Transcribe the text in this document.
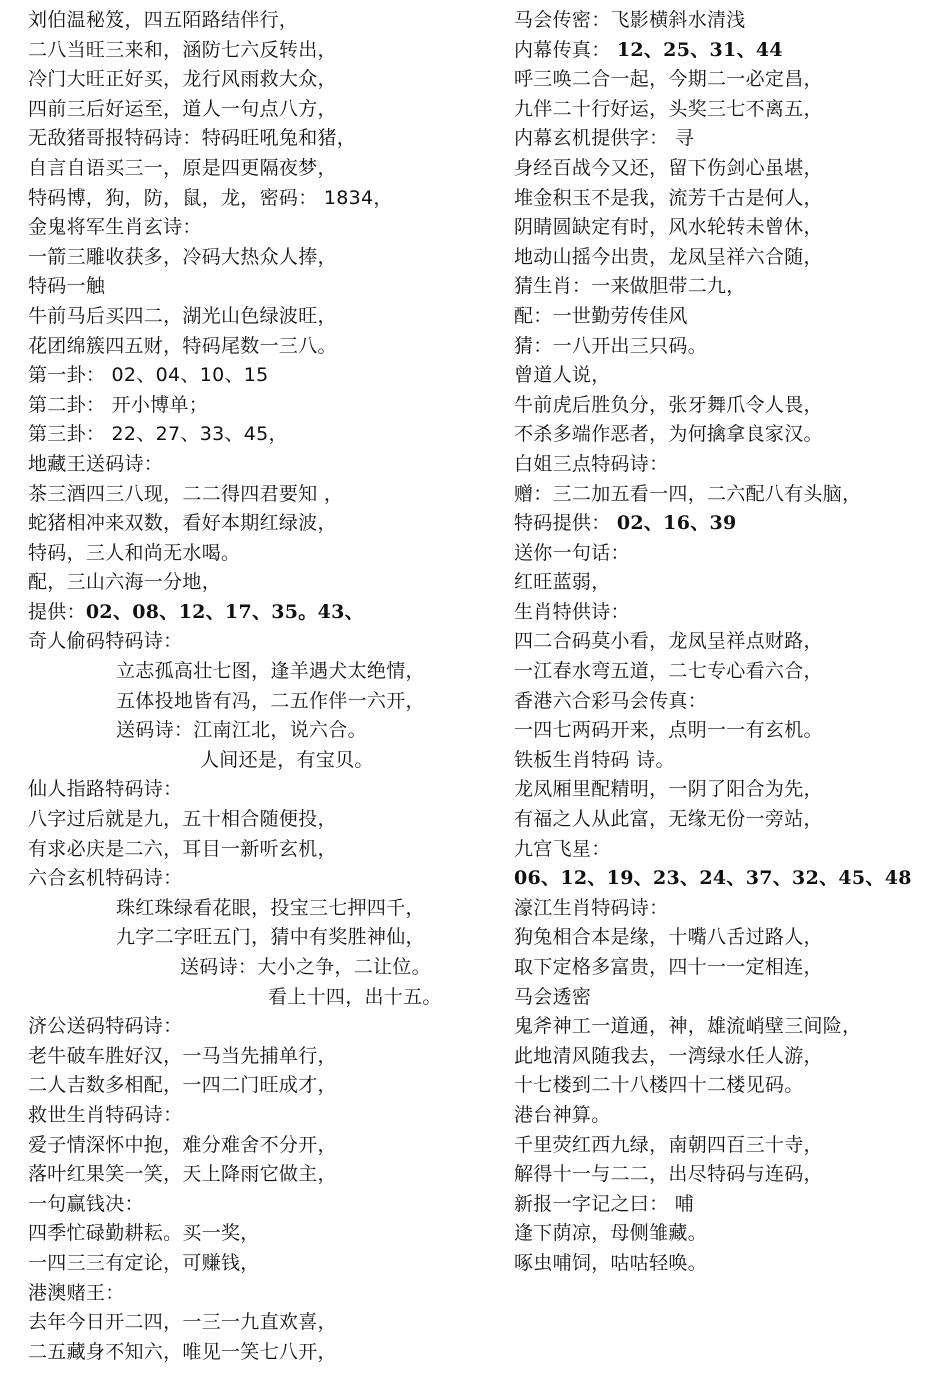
刘伯温秘笈，四五陌路结伴行，
二八当旺三来和，涵防七六反转出，
冷门大旺正好买，龙行风雨救大众，
四前三后好运至，道人一句点八方，
无敌猪哥报特码诗：特码旺吼兔和猪，
自言自语买三一，原是四更隔夜梦，
特码博，狗，防，鼠，龙，密码： 1834，
金鬼将军生肖玄诗：
一箭三雕收获多，冷码大热众人捧，
特码一触
牛前马后买四二，湖光山色绿波旺，
花团绵簇四五财，特码尾数一三八。
第一卦： 02、04、10、15
第二卦： 开小博单；
第三卦： 22、27、33、45，
地藏王送码诗：
茶三酒四三八现，二二得四君要知 ，
蛇猪相冲来双数，看好本期红绿波，
特码，三人和尚无水喝。
配，三山六海一分地，
提供：02、08、12、17、35。43、
奇人偷码特码诗：
立志孤高壮七图，逢羊遇犬太绝情，
五体投地皆有冯，二五作伴一六开，
送码诗：江南江北，说六合。
人间还是，有宝贝。
仙人指路特码诗：
八字过后就是九，五十相合随便投，
有求必庆是二六，耳目一新听玄机，
六合玄机特码诗：
珠红珠绿看花眼，投宝三七押四千，
九字二字旺五门，猜中有奖胜神仙，
送码诗：大小之争，二让位。
看上十四，出十五。
济公送码特码诗：
老牛破车胜好汉，一马当先捕单行，
二人吉数多相配，一四二门旺成才，
救世生肖特码诗：
爱子情深怀中抱，难分难舍不分开，
落叶红果笑一笑，天上降雨它做主，
一句赢钱决：
四季忙碌勤耕耘。买一奖，
一四三三有定论，可赚钱，
港澳赌王：
去年今日开二四，一三一九直欢喜，
二五藏身不知六，唯见一笑七八开，
马会传密：飞影横斜水清浅
内幕传真： 12、25、31、44
呼三唤二合一起，今期二一必定昌，
九伴二十行好运，头奖三七不离五，
内幕玄机提供字： 寻
身经百战今又还，留下伤剑心虽堪，
堆金积玉不是我，流芳千古是何人，
阴睛圆缺定有时，风水轮转未曾休，
地动山摇今出贵，龙凤呈祥六合随，
猜生肖：一来做胆带二九，
配：一世勤劳传佳风
猜：一八开出三只码。
曾道人说，
牛前虎后胜负分，张牙舞爪令人畏，
不杀多端作恶者，为何擒拿良家汉。
白姐三点特码诗：
赠：三二加五看一四，二六配八有头脑，
特码提供： 02、16、39
送你一句话：
红旺蓝弱，
生肖特供诗：
四二合码莫小看，龙凤呈祥点财路，
一江春水弯五道，二七专心看六合，
香港六合彩马会传真：
一四七两码开来，点明一一有玄机。
铁板生肖特码 诗。
龙凤厢里配精明，一阴了阳合为先，
有福之人从此富，无缘无份一旁站，
九宫飞星：
06、12、19、23、24、37、32、45、48
濠江生肖特码诗：
狗兔相合本是缘，十嘴八舌过路人，
取下定格多富贵，四十一一定相连，
马会透密
鬼斧神工一道通，神，雄流峭壁三间险，
此地清风随我去，一湾绿水任人游，
十七楼到二十八楼四十二楼见码。
港台神算。
千里荧红西九绿，南朝四百三十寺，
解得十一与二二，出尽特码与连码，
新报一字记之曰： 哺
逢下荫凉，母侧雏藏。
啄虫哺饲，咕咕轻唤。
